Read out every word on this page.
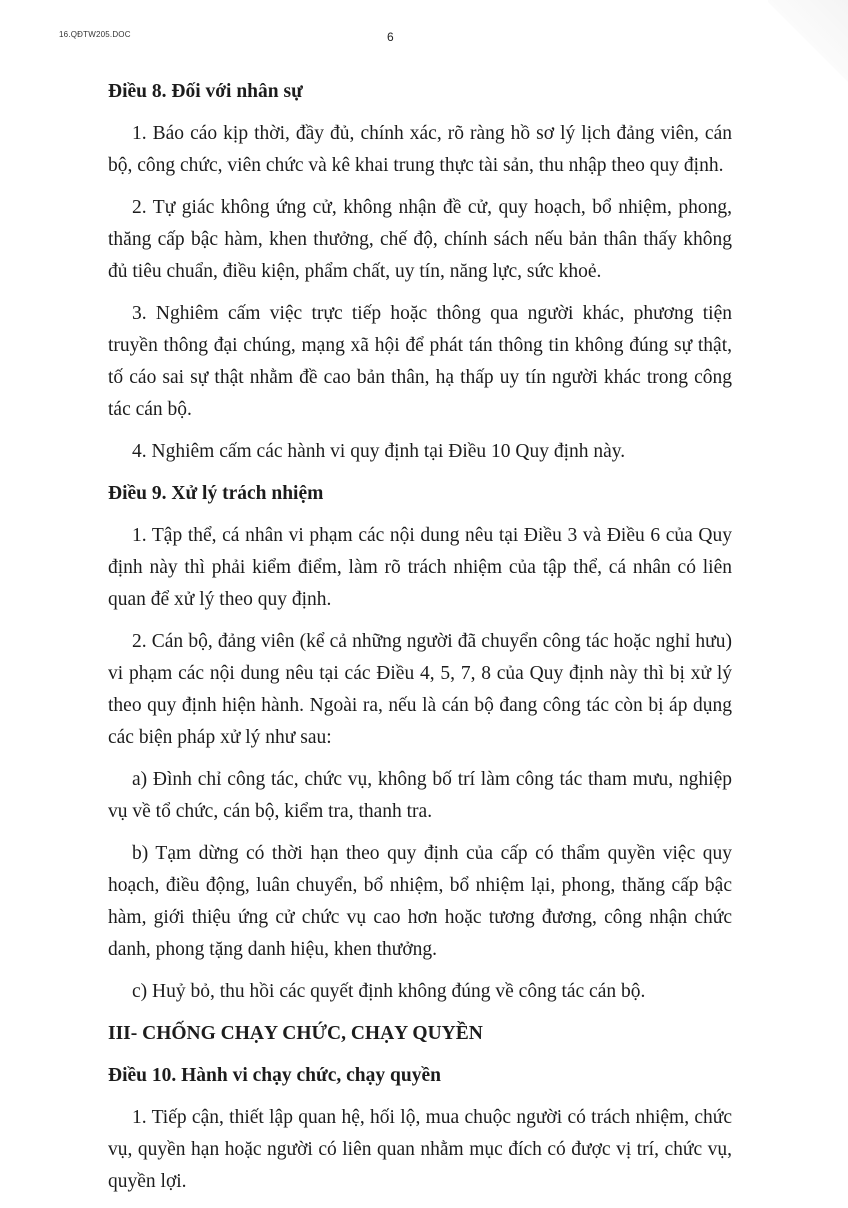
16.QĐTW205.DOC	6

Điều 8. Đối với nhân sự

1. Báo cáo kịp thời, đầy đủ, chính xác, rõ ràng hồ sơ lý lịch đảng viên, cán bộ, công chức, viên chức và kê khai trung thực tài sản, thu nhập theo quy định.

2. Tự giác không ứng cử, không nhận đề cử, quy hoạch, bổ nhiệm, phong, thăng cấp bậc hàm, khen thưởng, chế độ, chính sách nếu bản thân thấy không đủ tiêu chuẩn, điều kiện, phẩm chất, uy tín, năng lực, sức khoẻ.

3. Nghiêm cấm việc trực tiếp hoặc thông qua người khác, phương tiện truyền thông đại chúng, mạng xã hội để phát tán thông tin không đúng sự thật, tố cáo sai sự thật nhằm đề cao bản thân, hạ thấp uy tín người khác trong công tác cán bộ.

4. Nghiêm cấm các hành vi quy định tại Điều 10 Quy định này.

Điều 9. Xử lý trách nhiệm

1. Tập thể, cá nhân vi phạm các nội dung nêu tại Điều 3 và Điều 6 của Quy định này thì phải kiểm điểm, làm rõ trách nhiệm của tập thể, cá nhân có liên quan để xử lý theo quy định.

2. Cán bộ, đảng viên (kể cả những người đã chuyển công tác hoặc nghỉ hưu) vi phạm các nội dung nêu tại các Điều 4, 5, 7, 8 của Quy định này thì bị xử lý theo quy định hiện hành. Ngoài ra, nếu là cán bộ đang công tác còn bị áp dụng các biện pháp xử lý như sau:

a) Đình chỉ công tác, chức vụ, không bố trí làm công tác tham mưu, nghiệp vụ về tổ chức, cán bộ, kiểm tra, thanh tra.

b) Tạm dừng có thời hạn theo quy định của cấp có thẩm quyền việc quy hoạch, điều động, luân chuyển, bổ nhiệm, bổ nhiệm lại, phong, thăng cấp bậc hàm, giới thiệu ứng cử chức vụ cao hơn hoặc tương đương, công nhận chức danh, phong tặng danh hiệu, khen thưởng.

c) Huỷ bỏ, thu hồi các quyết định không đúng về công tác cán bộ.

III- CHỐNG CHẠY CHỨC, CHẠY QUYỀN

Điều 10. Hành vi chạy chức, chạy quyền

1. Tiếp cận, thiết lập quan hệ, hối lộ, mua chuộc người có trách nhiệm, chức vụ, quyền hạn hoặc người có liên quan nhằm mục đích có được vị trí, chức vụ, quyền lợi.
